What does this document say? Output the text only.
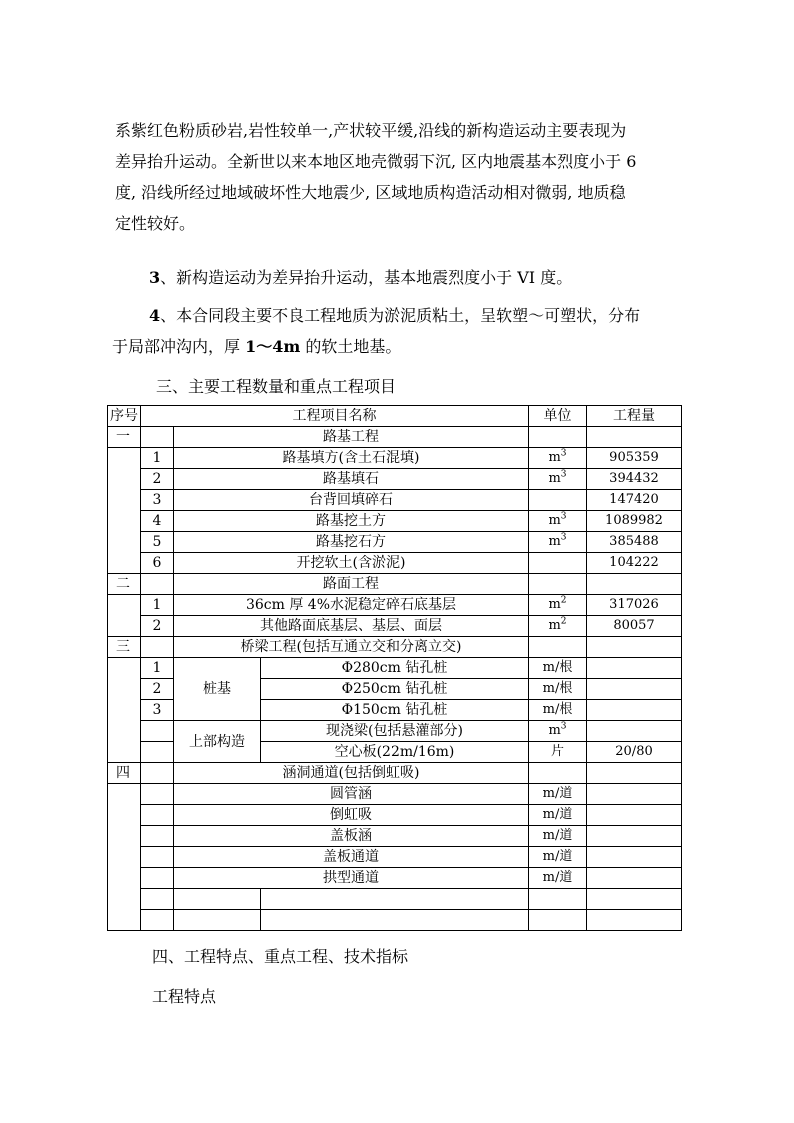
系紫红色粉质砂岩,岩性较单一,产状较平缓,沿线的新构造运动主要表现为
差异抬升运动。全新世以来本地区地壳微弱下沉, 区内地震基本烈度小于 6
度, 沿线所经过地域破坏性大地震少, 区域地质构造活动相对微弱, 地质稳
定性较好。
3、新构造运动为差异抬升运动，基本地震烈度小于 VI 度。
4、本合同段主要不良工程地质为淤泥质粘土，呈软塑～可塑状，分布
于局部冲沟内，厚 1～4m 的软土地基。
三、主要工程数量和重点工程项目
序号	工程项目名称			单位	工程量
一		路基工程			
	1	路基填方(含土石混填)		$m^3$	905359
	2	路基填石		$m^3$	394432
	3	台背回填碎石			147420
	4	路基挖土方		$m^3$	1089982
	5	路基挖石方		$m^3$	385488
	6	开挖软土(含淤泥)			104222
二		路面工程			
	1	36cm 厚 4%水泥稳定碎石底基层		$m^2$	317026
	2	其他路面底基层、基层、面层		$m^2$	80057
三		桥梁工程(包括互通立交和分离立交)			
	1	桩基	Φ280cm 钻孔桩	m/根	
	2		Φ250cm 钻孔桩	m/根	
	3		Φ150cm 钻孔桩	m/根	
		上部构造	现浇梁(包括悬灌部分)	$m^3$	
			空心板(22m/16m)	片	20/80
四		涵洞通道(包括倒虹吸)			
		圆管涵		m/道	
		倒虹吸		m/道	
		盖板涵		m/道	
		盖板通道		m/道	
		拱型通道		m/道	

四、工程特点、重点工程、技术指标
工程特点
